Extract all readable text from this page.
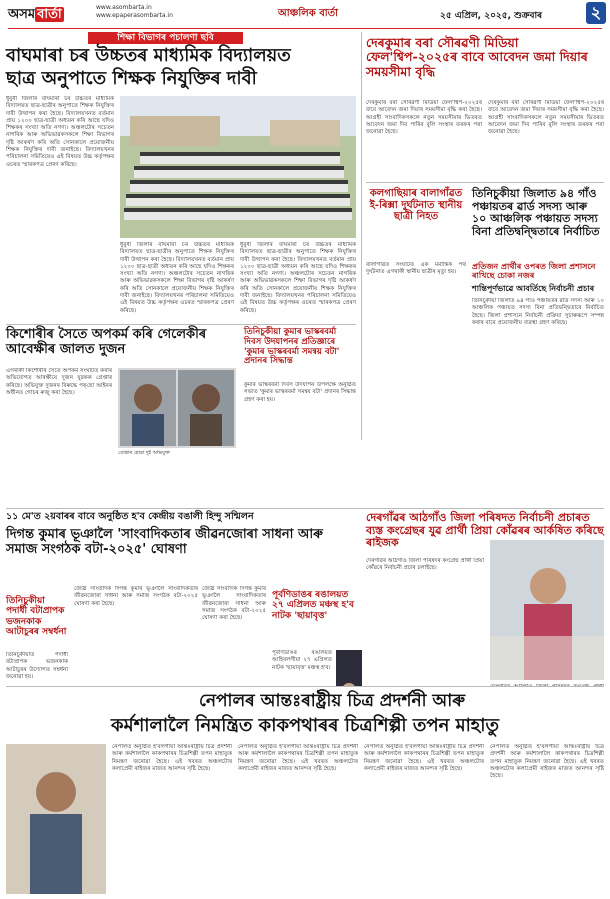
অসম বাৰ্তা	www.asombarta.in
www.epaperasombarta.in	আঞ্চলিক বাৰ্তা	২৫ এপ্ৰিল, ২০২৫, শুক্ৰবাৰ	২
শিক্ষা বিভাগৰ পচালণা ছবি
বাঘমাৰা চৰ উচ্চতৰ মাধ্যমিক বিদ্যালয়ত
ছাত্ৰ অনুপাতে শিক্ষক নিযুক্তিৰ দাবী
ধুবুৰী জিলাৰ বাঘমাৰা চৰ উচ্চতৰ মাধ্যমিক বিদ্যালয়ত ছাত্ৰ-ছাত্ৰীৰ অনুপাতে শিক্ষক নিযুক্তিৰ দাবী উত্থাপন কৰা হৈছে। বিদ্যালয়খনত বৰ্তমান প্ৰায় ১২০০ ছাত্ৰ-ছাত্ৰী অধ্যয়ন কৰি আছে যদিও শিক্ষকৰ সংখ্যা অতি নগণ্য। অঞ্চলটোৰ সচেতন নাগৰিক আৰু অভিভাৱকসকলে শিক্ষা বিভাগৰ দৃষ্টি আকৰ্ষণ কৰি অতি সোনকালে প্ৰয়োজনীয় শিক্ষক নিযুক্তিৰ দাবী জনাইছে। বিদ্যালয়খনৰ পৰিচালনা সমিতিয়েও এই বিষয়ত উচ্চ কৰ্তৃপক্ষৰ ওচৰত স্মাৰকপত্ৰ প্ৰেৰণ কৰিছে।
ধুবুৰী জিলাৰ বাঘমাৰা চৰ উচ্চতৰ মাধ্যমিক বিদ্যালয়ত ছাত্ৰ-ছাত্ৰীৰ অনুপাতে শিক্ষক নিযুক্তিৰ দাবী উত্থাপন কৰা হৈছে। বিদ্যালয়খনত বৰ্তমান প্ৰায় ১২০০ ছাত্ৰ-ছাত্ৰী অধ্যয়ন কৰি আছে যদিও শিক্ষকৰ সংখ্যা অতি নগণ্য। অঞ্চলটোৰ সচেতন নাগৰিক আৰু অভিভাৱকসকলে শিক্ষা বিভাগৰ দৃষ্টি আকৰ্ষণ কৰি অতি সোনকালে প্ৰয়োজনীয় শিক্ষক নিযুক্তিৰ দাবী জনাইছে। বিদ্যালয়খনৰ পৰিচালনা সমিতিয়েও এই বিষয়ত উচ্চ কৰ্তৃপক্ষৰ ওচৰত স্মাৰকপত্ৰ প্ৰেৰণ কৰিছে।
ধুবুৰী জিলাৰ বাঘমাৰা চৰ উচ্চতৰ মাধ্যমিক বিদ্যালয়ত ছাত্ৰ-ছাত্ৰীৰ অনুপাতে শিক্ষক নিযুক্তিৰ দাবী উত্থাপন কৰা হৈছে। বিদ্যালয়খনত বৰ্তমান প্ৰায় ১২০০ ছাত্ৰ-ছাত্ৰী অধ্যয়ন কৰি আছে যদিও শিক্ষকৰ সংখ্যা অতি নগণ্য। অঞ্চলটোৰ সচেতন নাগৰিক আৰু অভিভাৱকসকলে শিক্ষা বিভাগৰ দৃষ্টি আকৰ্ষণ কৰি অতি সোনকালে প্ৰয়োজনীয় শিক্ষক নিযুক্তিৰ দাবী জনাইছে। বিদ্যালয়খনৰ পৰিচালনা সমিতিয়েও এই বিষয়ত উচ্চ কৰ্তৃপক্ষৰ ওচৰত স্মাৰকপত্ৰ প্ৰেৰণ কৰিছে।
দেৰকুমাৰ বৰা সৌৰৱণী মিডিয়া ফেল'শ্বিপ-২০২৫ৰ বাবে আবেদন জমা দিয়াৰ সময়সীমা বৃদ্ধি
দেৰকুমাৰ বৰা সৌৰৱণী মিডিয়া ফেল'শ্বিপ-২০২৫ৰ বাবে আবেদন জমা দিয়াৰ সময়সীমা বৃদ্ধি কৰা হৈছে। আগ্ৰহী সাংবাদিকসকলে নতুন সময়সীমাৰ ভিতৰত আবেদন জমা দিব পাৰিব বুলি সংস্থাৰ তৰফৰ পৰা জনোৱা হৈছে।
দেৰকুমাৰ বৰা সৌৰৱণী মিডিয়া ফেল'শ্বিপ-২০২৫ৰ বাবে আবেদন জমা দিয়াৰ সময়সীমা বৃদ্ধি কৰা হৈছে। আগ্ৰহী সাংবাদিকসকলে নতুন সময়সীমাৰ ভিতৰত আবেদন জমা দিব পাৰিব বুলি সংস্থাৰ তৰফৰ পৰা জনোৱা হৈছে।
কলগাছিয়াৰ বালাগাঁৱত ই-ৰিক্সা দুৰ্ঘটনাত স্থানীয় ছাত্ৰী নিহত
বালাগাঁৱত সংঘটিত এক মৰ্মান্তিক পথ দুৰ্ঘটনাত এগৰাকী স্থানীয় ছাত্ৰীৰ মৃত্যু হয়।
তিনিচুকীয়া জিলাত ৯৪ গাঁও পঞ্চায়তৰ ৱাৰ্ড সদস্য আৰু ১০ আঞ্চলিক পঞ্চায়ত সদস্য বিনা প্ৰতিদ্বন্দ্বিতাৰে নিৰ্বাচিত
প্ৰতিজন প্ৰাৰ্থীৰ ওপৰত জিলা প্ৰশাসনে ৰাখিছে চোকা নজৰ
শান্তিপূৰ্ণভাৱে আবৰ্তিছে নিৰ্বাচনী প্ৰচাৰ
তিনিচুকীয়া জিলাত ৯৪ গাঁও পঞ্চায়তৰ ৱাৰ্ড সদস্য আৰু ১০ আঞ্চলিক পঞ্চায়ত সদস্য বিনা প্ৰতিদ্বন্দ্বিতাৰে নিৰ্বাচিত হৈছে। জিলা প্ৰশাসনে নিৰ্বাচনী প্ৰক্ৰিয়া সুচাৰুৰূপে সম্পন্ন কৰাৰ বাবে প্ৰয়োজনীয় ব্যৱস্থা গ্ৰহণ কৰিছে।
কিশোৰীৰ সৈতে অপকৰ্ম কৰি গেলেকীৰ আবেক্ষীৰ জালত দুজন
এগৰাকী কিশোৰীৰ সৈতে অপকৰ্ম সংঘটিত কৰাৰ অভিযোগত আৰক্ষীয়ে দুজন যুৱকক গ্ৰেপ্তাৰ কৰিছে। অভিযুক্ত দুজনৰ বিৰুদ্ধে পক্‌ছো আইনৰ অধীনত গোচৰ ৰুজু কৰা হৈছে।
গ্ৰেপ্তাৰ হোৱা দুই অভিযুক্ত
তিনিচুকীয়া কুমাৰ ভাস্কৰবৰ্মা দিবস উদযাপনৰ প্ৰতিজ্ঞাৰে 'কুমাৰ ভাস্কৰবৰ্মা সমন্বয় বটা' প্ৰদানৰ সিদ্ধান্ত
কুমাৰ ভাস্কৰবৰ্মা দিবস উদযাপন উপলক্ষে অনুষ্ঠিত সভাত 'কুমাৰ ভাস্কৰবৰ্মা সমন্বয় বটা' প্ৰদানৰ সিদ্ধান্ত গ্ৰহণ কৰা হয়।
১১ মে'ত ২য়বাৰৰ বাবে অনুষ্ঠিত হ'ব কেন্দ্ৰীয় বঙালী হিন্দু সন্মিলন	দেৰগাঁৱৰ আঠগাঁও জিলা পৰিষদত নিৰ্বাচনী প্ৰচাৰত ব্যস্ত কংগ্ৰেছৰ যুৱ প্ৰাৰ্থী প্ৰিয়া কোঁৱৰৰ আৰ্কষিত কৰিছে ৰাইজক
দিগন্ত কুমাৰ ভূঞালৈ 'সাংবাদিকতাৰ জীৱনজোৰা সাধনা আৰু সমাজ সংগঠক বটা-২০২৫' ঘোষণা
তিনিচুকীয়া পদাৰ্ধী বটাপ্ৰাপক ভজনকাক আটাচুৰৰ সম্বৰ্ধনা
তিনিচুকীয়াত পদাৰ্ধী বটাপ্ৰাপক ভজনকাক আটাচুৰৰ উদ্যোগত সম্বৰ্ধনা জনোৱা হয়।
জ্যেষ্ঠ সাংবাদিক দিগন্ত কুমাৰ ভূঞালৈ সাংবাদিকতাৰ জীৱনজোৰা সাধনা আৰু সমাজ সংগঠক বটা-২০২৫ ঘোষণা কৰা হৈছে।
জ্যেষ্ঠ সাংবাদিক দিগন্ত কুমাৰ ভূঞালৈ সাংবাদিকতাৰ জীৱনজোৰা সাধনা আৰু সমাজ সংগঠক বটা-২০২৫ ঘোষণা কৰা হৈছে।
পূৰ্বণিডাঙৰ ৰঙালয়ত ২৭ এপ্ৰিলত মঞ্চস্থ হ'ব নাটক 'ছায়াবৃত্ত'
পূৰ্বণিডাঙৰ ৰঙালয়ত আহিবলগীয়া ২৭ এপ্ৰিলত নাটক 'ছায়াবৃত্ত' মঞ্চস্থ হ'ব।
দেৰগাঁৱৰ আঠগাঁও জিলা পৰিষদৰ কংগ্ৰেছ প্ৰাৰ্থী প্ৰিয়া কোঁৱৰে নিৰ্বাচনী প্ৰচাৰ চলাইছে।
নেপালৰ আন্তঃৰাষ্ট্ৰীয় চিত্ৰ প্ৰদৰ্শনী আৰু
কৰ্মশালালৈ নিমন্ত্ৰিত কাকপথাৰৰ চিত্ৰশিল্পী তপন মাহাতু
নেপালত অনুষ্ঠিত হ'বলগীয়া আন্তঃৰাষ্ট্ৰীয় চিত্ৰ প্ৰদৰ্শনী আৰু কৰ্মশালালৈ কাকপথাৰৰ চিত্ৰশিল্পী তপন মাহাতুক নিমন্ত্ৰণ জনোৱা হৈছে। এই খবৰত অঞ্চলটোৰ কলাপ্ৰেমী ৰাইজৰ মাজত আনন্দৰ সৃষ্টি হৈছে।
নেপালত অনুষ্ঠিত হ'বলগীয়া আন্তঃৰাষ্ট্ৰীয় চিত্ৰ প্ৰদৰ্শনী আৰু কৰ্মশালালৈ কাকপথাৰৰ চিত্ৰশিল্পী তপন মাহাতুক নিমন্ত্ৰণ জনোৱা হৈছে। এই খবৰত অঞ্চলটোৰ কলাপ্ৰেমী ৰাইজৰ মাজত আনন্দৰ সৃষ্টি হৈছে।
নেপালত অনুষ্ঠিত হ'বলগীয়া আন্তঃৰাষ্ট্ৰীয় চিত্ৰ প্ৰদৰ্শনী আৰু কৰ্মশালালৈ কাকপথাৰৰ চিত্ৰশিল্পী তপন মাহাতুক নিমন্ত্ৰণ জনোৱা হৈছে। এই খবৰত অঞ্চলটোৰ কলাপ্ৰেমী ৰাইজৰ মাজত আনন্দৰ সৃষ্টি হৈছে।
নেপালত অনুষ্ঠিত হ'বলগীয়া আন্তঃৰাষ্ট্ৰীয় চিত্ৰ প্ৰদৰ্শনী আৰু কৰ্মশালালৈ কাকপথাৰৰ চিত্ৰশিল্পী তপন মাহাতুক নিমন্ত্ৰণ জনোৱা হৈছে। এই খবৰত অঞ্চলটোৰ কলাপ্ৰেমী ৰাইজৰ মাজত আনন্দৰ সৃষ্টি হৈছে।
